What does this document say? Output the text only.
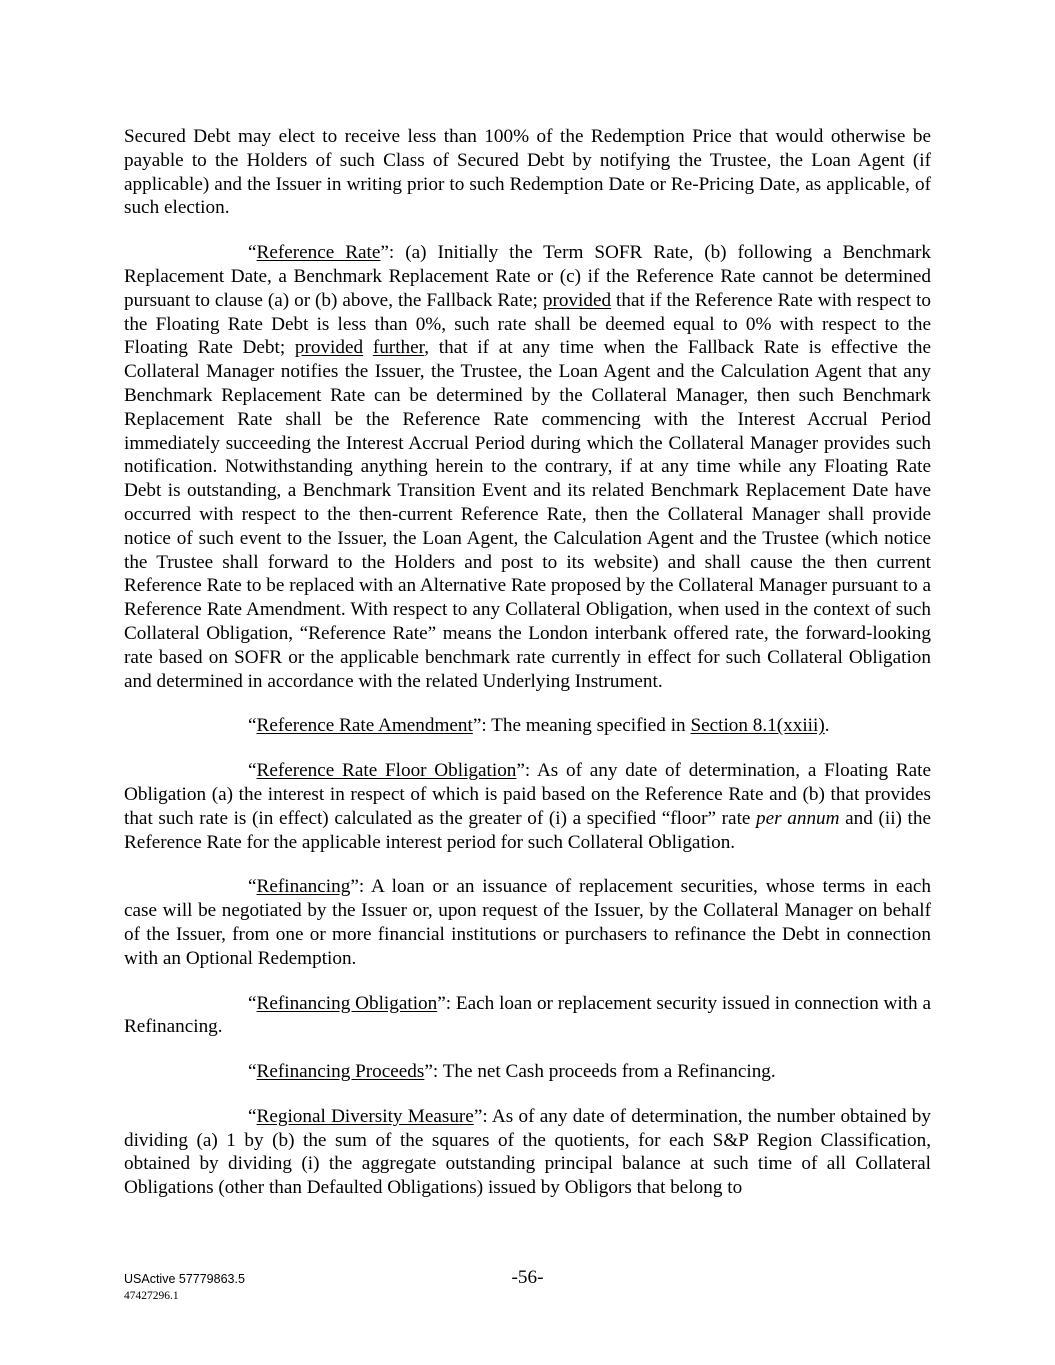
Secured Debt may elect to receive less than 100% of the Redemption Price that would otherwise be payable to the Holders of such Class of Secured Debt by notifying the Trustee, the Loan Agent (if applicable) and the Issuer in writing prior to such Redemption Date or Re-Pricing Date, as applicable, of such election.

“Reference Rate”: (a) Initially the Term SOFR Rate, (b) following a Benchmark Replacement Date, a Benchmark Replacement Rate or (c) if the Reference Rate cannot be determined pursuant to clause (a) or (b) above, the Fallback Rate; provided that if the Reference Rate with respect to the Floating Rate Debt is less than 0%, such rate shall be deemed equal to 0% with respect to the Floating Rate Debt; provided further, that if at any time when the Fallback Rate is effective the Collateral Manager notifies the Issuer, the Trustee, the Loan Agent and the Calculation Agent that any Benchmark Replacement Rate can be determined by the Collateral Manager, then such Benchmark Replacement Rate shall be the Reference Rate commencing with the Interest Accrual Period immediately succeeding the Interest Accrual Period during which the Collateral Manager provides such notification. Notwithstanding anything herein to the contrary, if at any time while any Floating Rate Debt is outstanding, a Benchmark Transition Event and its related Benchmark Replacement Date have occurred with respect to the then-current Reference Rate, then the Collateral Manager shall provide notice of such event to the Issuer, the Loan Agent, the Calculation Agent and the Trustee (which notice the Trustee shall forward to the Holders and post to its website) and shall cause the then current Reference Rate to be replaced with an Alternative Rate proposed by the Collateral Manager pursuant to a Reference Rate Amendment. With respect to any Collateral Obligation, when used in the context of such Collateral Obligation, “Reference Rate” means the London interbank offered rate, the forward-looking rate based on SOFR or the applicable benchmark rate currently in effect for such Collateral Obligation and determined in accordance with the related Underlying Instrument.

“Reference Rate Amendment”: The meaning specified in Section 8.1(xxiii).

“Reference Rate Floor Obligation”: As of any date of determination, a Floating Rate Obligation (a) the interest in respect of which is paid based on the Reference Rate and (b) that provides that such rate is (in effect) calculated as the greater of (i) a specified “floor” rate per annum and (ii) the Reference Rate for the applicable interest period for such Collateral Obligation.

“Refinancing”: A loan or an issuance of replacement securities, whose terms in each case will be negotiated by the Issuer or, upon request of the Issuer, by the Collateral Manager on behalf of the Issuer, from one or more financial institutions or purchasers to refinance the Debt in connection with an Optional Redemption.

“Refinancing Obligation”: Each loan or replacement security issued in connection with a Refinancing.

“Refinancing Proceeds”: The net Cash proceeds from a Refinancing.

“Regional Diversity Measure”: As of any date of determination, the number obtained by dividing (a) 1 by (b) the sum of the squares of the quotients, for each S&P Region Classification, obtained by dividing (i) the aggregate outstanding principal balance at such time of all Collateral Obligations (other than Defaulted Obligations) issued by Obligors that belong to

USActive 57779863.5
47427296.1
-56-
